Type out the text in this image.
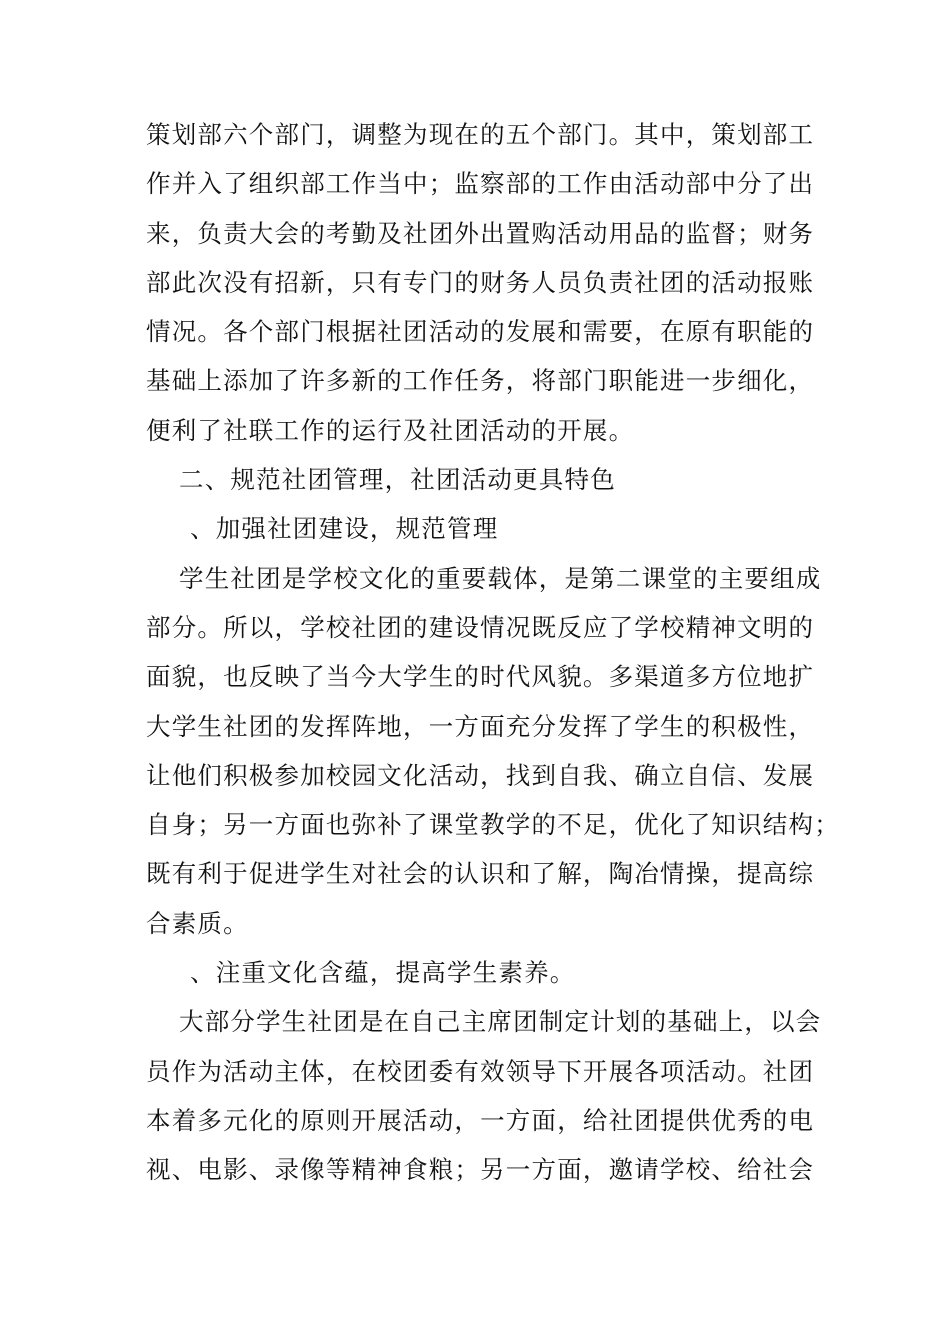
策划部六个部门，调整为现在的五个部门。其中，策划部工
作并入了组织部工作当中；监察部的工作由活动部中分了出
来，负责大会的考勤及社团外出置购活动用品的监督；财务
部此次没有招新，只有专门的财务人员负责社团的活动报账
情况。各个部门根据社团活动的发展和需要，在原有职能的
基础上添加了许多新的工作任务，将部门职能进一步细化，
便利了社联工作的运行及社团活动的开展。
二、规范社团管理，社团活动更具特色
、加强社团建设，规范管理
学生社团是学校文化的重要载体，是第二课堂的主要组成
部分。所以，学校社团的建设情况既反应了学校精神文明的
面貌，也反映了当今大学生的时代风貌。多渠道多方位地扩
大学生社团的发挥阵地，一方面充分发挥了学生的积极性，
让他们积极参加校园文化活动，找到自我、确立自信、发展
自身；另一方面也弥补了课堂教学的不足，优化了知识结构；
既有利于促进学生对社会的认识和了解，陶冶情操，提高综
合素质。
、注重文化含蕴，提高学生素养。
大部分学生社团是在自己主席团制定计划的基础上，以会
员作为活动主体，在校团委有效领导下开展各项活动。社团
本着多元化的原则开展活动，一方面，给社团提供优秀的电
视、电影、录像等精神食粮；另一方面，邀请学校、给社会
